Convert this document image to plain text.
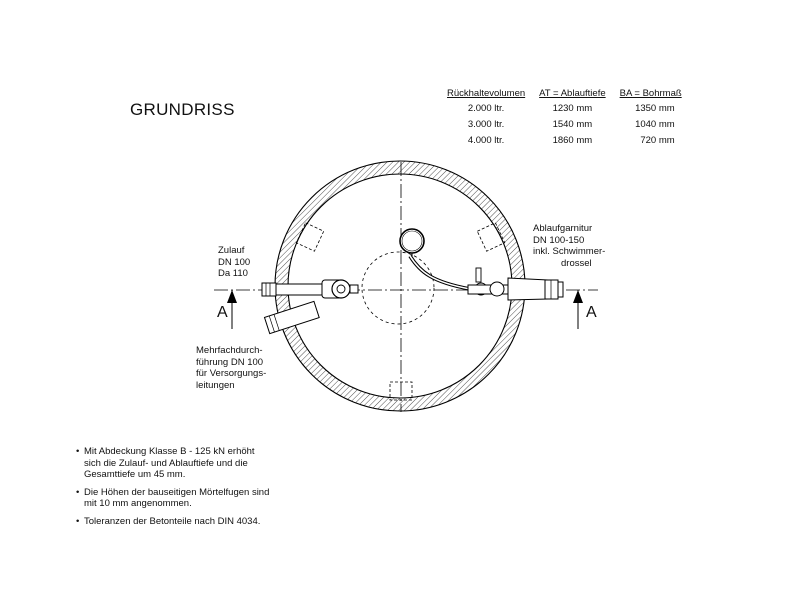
GRUNDRISS
Rückhaltevolumen	AT = Ablauftiefe	BA = Bohrmaß
2.000 ltr.	1230 mm	1350 mm
3.000 ltr.	1540 mm	1040 mm
4.000 ltr.	1860 mm	720 mm
A	A
Zulauf
DN 100
Da 110
Ablaufgarnitur
DN 100-150
inkl. Schwimmer-
drossel
Mehrfachdurch-
führung DN 100
für Versorgungs-
leitungen
• Mit Abdeckung Klasse B - 125 kN erhöht
sich die Zulauf- und Ablauftiefe und die
Gesamttiefe um 45 mm.
• Die Höhen der bauseitigen Mörtelfugen sind
mit 10 mm angenommen.
• Toleranzen der Betonteile nach DIN 4034.
